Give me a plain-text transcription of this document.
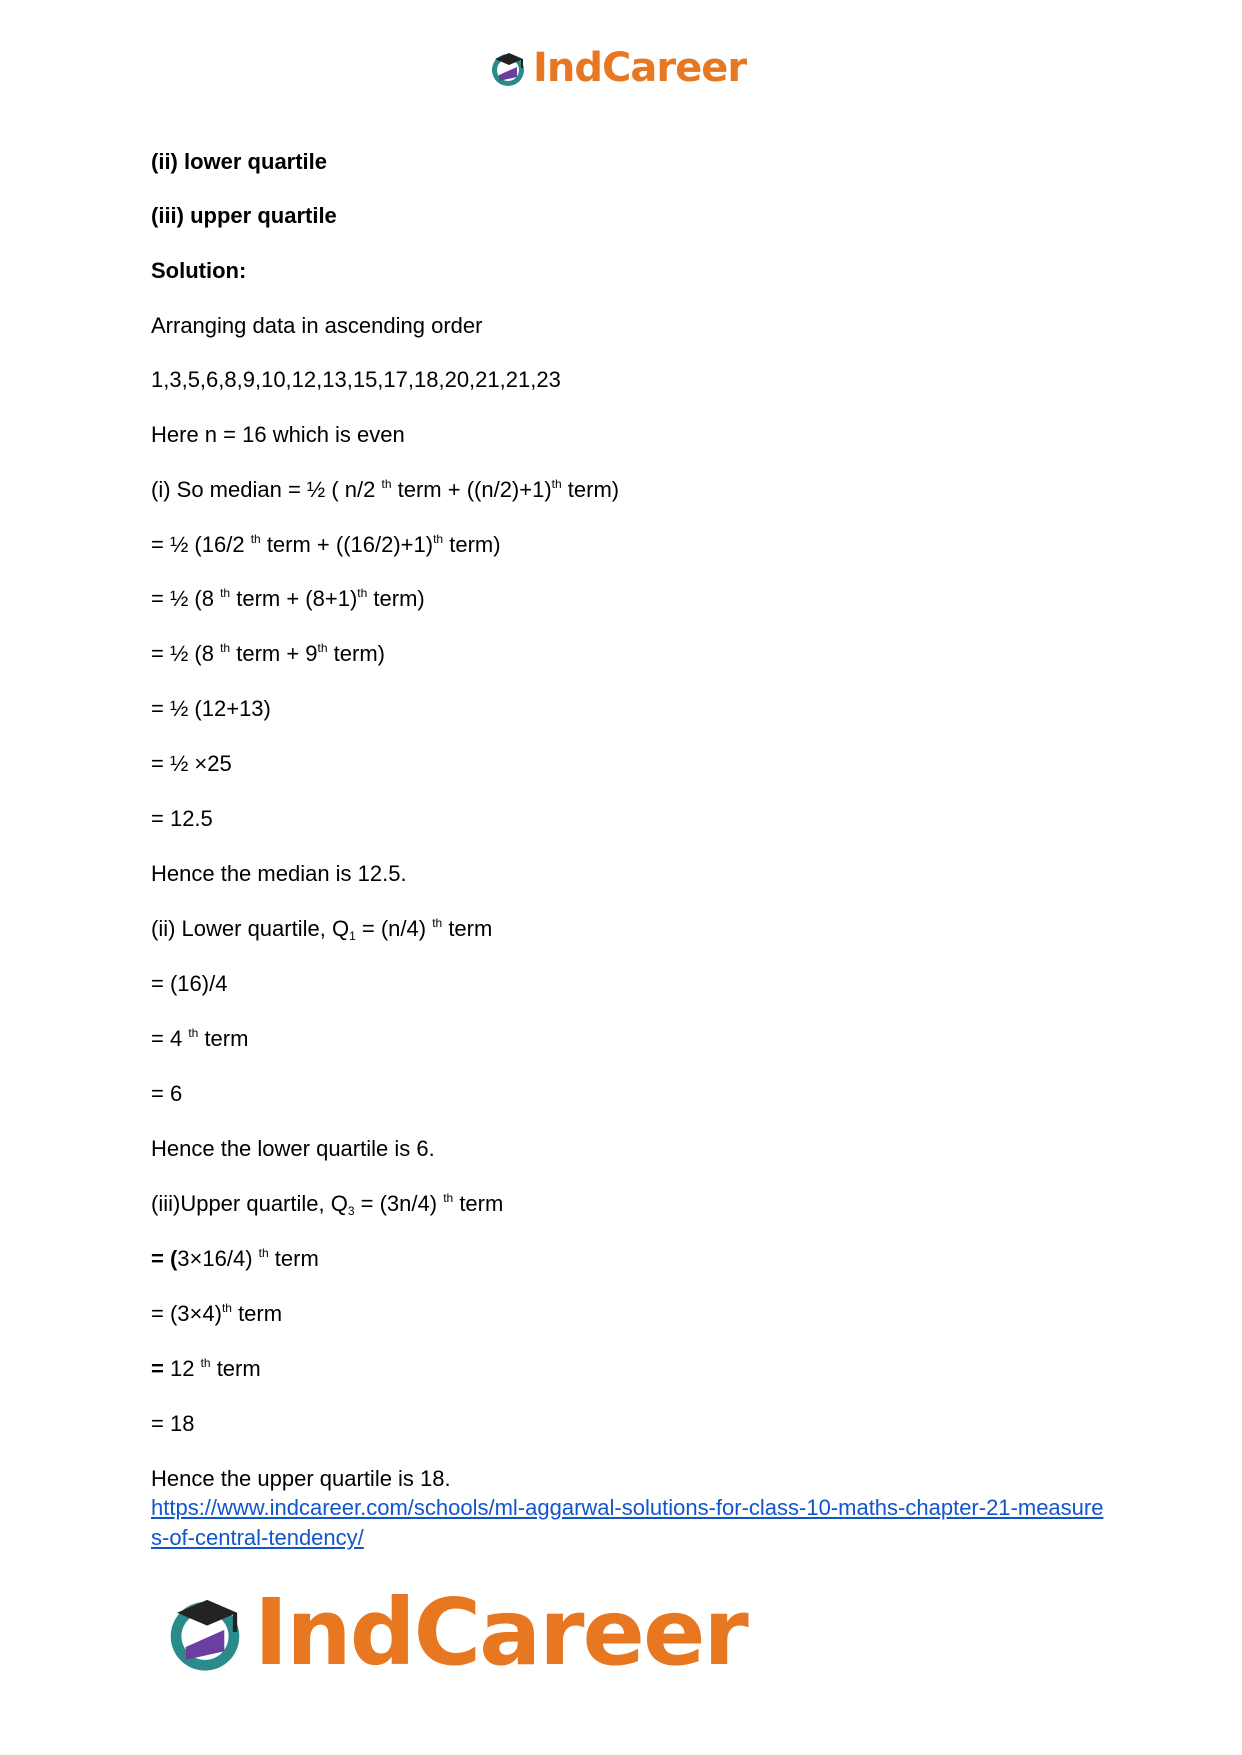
IndCareer
(ii) lower quartile
(iii) upper quartile
Solution:
Arranging data in ascending order
1,3,5,6,8,9,10,12,13,15,17,18,20,21,21,23
Here n = 16 which is even
(i) So median = ½ ( n/2 $^{th}$ term + $((n/2)+1)^{th}$ term)
= ½ (16/2 $^{th}$ term + $((16/2)+1)^{th}$ term)
= ½ (8 $^{th}$ term + $(8+1)^{th}$ term)
= ½ (8 $^{th}$ term + 9th term)
= ½ (12+13)
= ½ ×25
= 12.5
Hence the median is 12.5.
(ii) Lower quartile, $Q_1 = (n/4)$ $^{th}$ term
= (16)/4
= 4 $^{th}$ term
= 6
Hence the lower quartile is 6.
(iii)Upper quartile, $Q_3 = (3n/4)$ $^{th}$ term
= (3×16/4) $^{th}$ term
= $(3\times 4)^{th}$ term
= 12 $^{th}$ term
= 18
Hence the upper quartile is 18.
https://www.indcareer.com/schools/ml-aggarwal-solutions-for-class-10-maths-chapter-21-measures-of-central-tendency/
IndCareer
